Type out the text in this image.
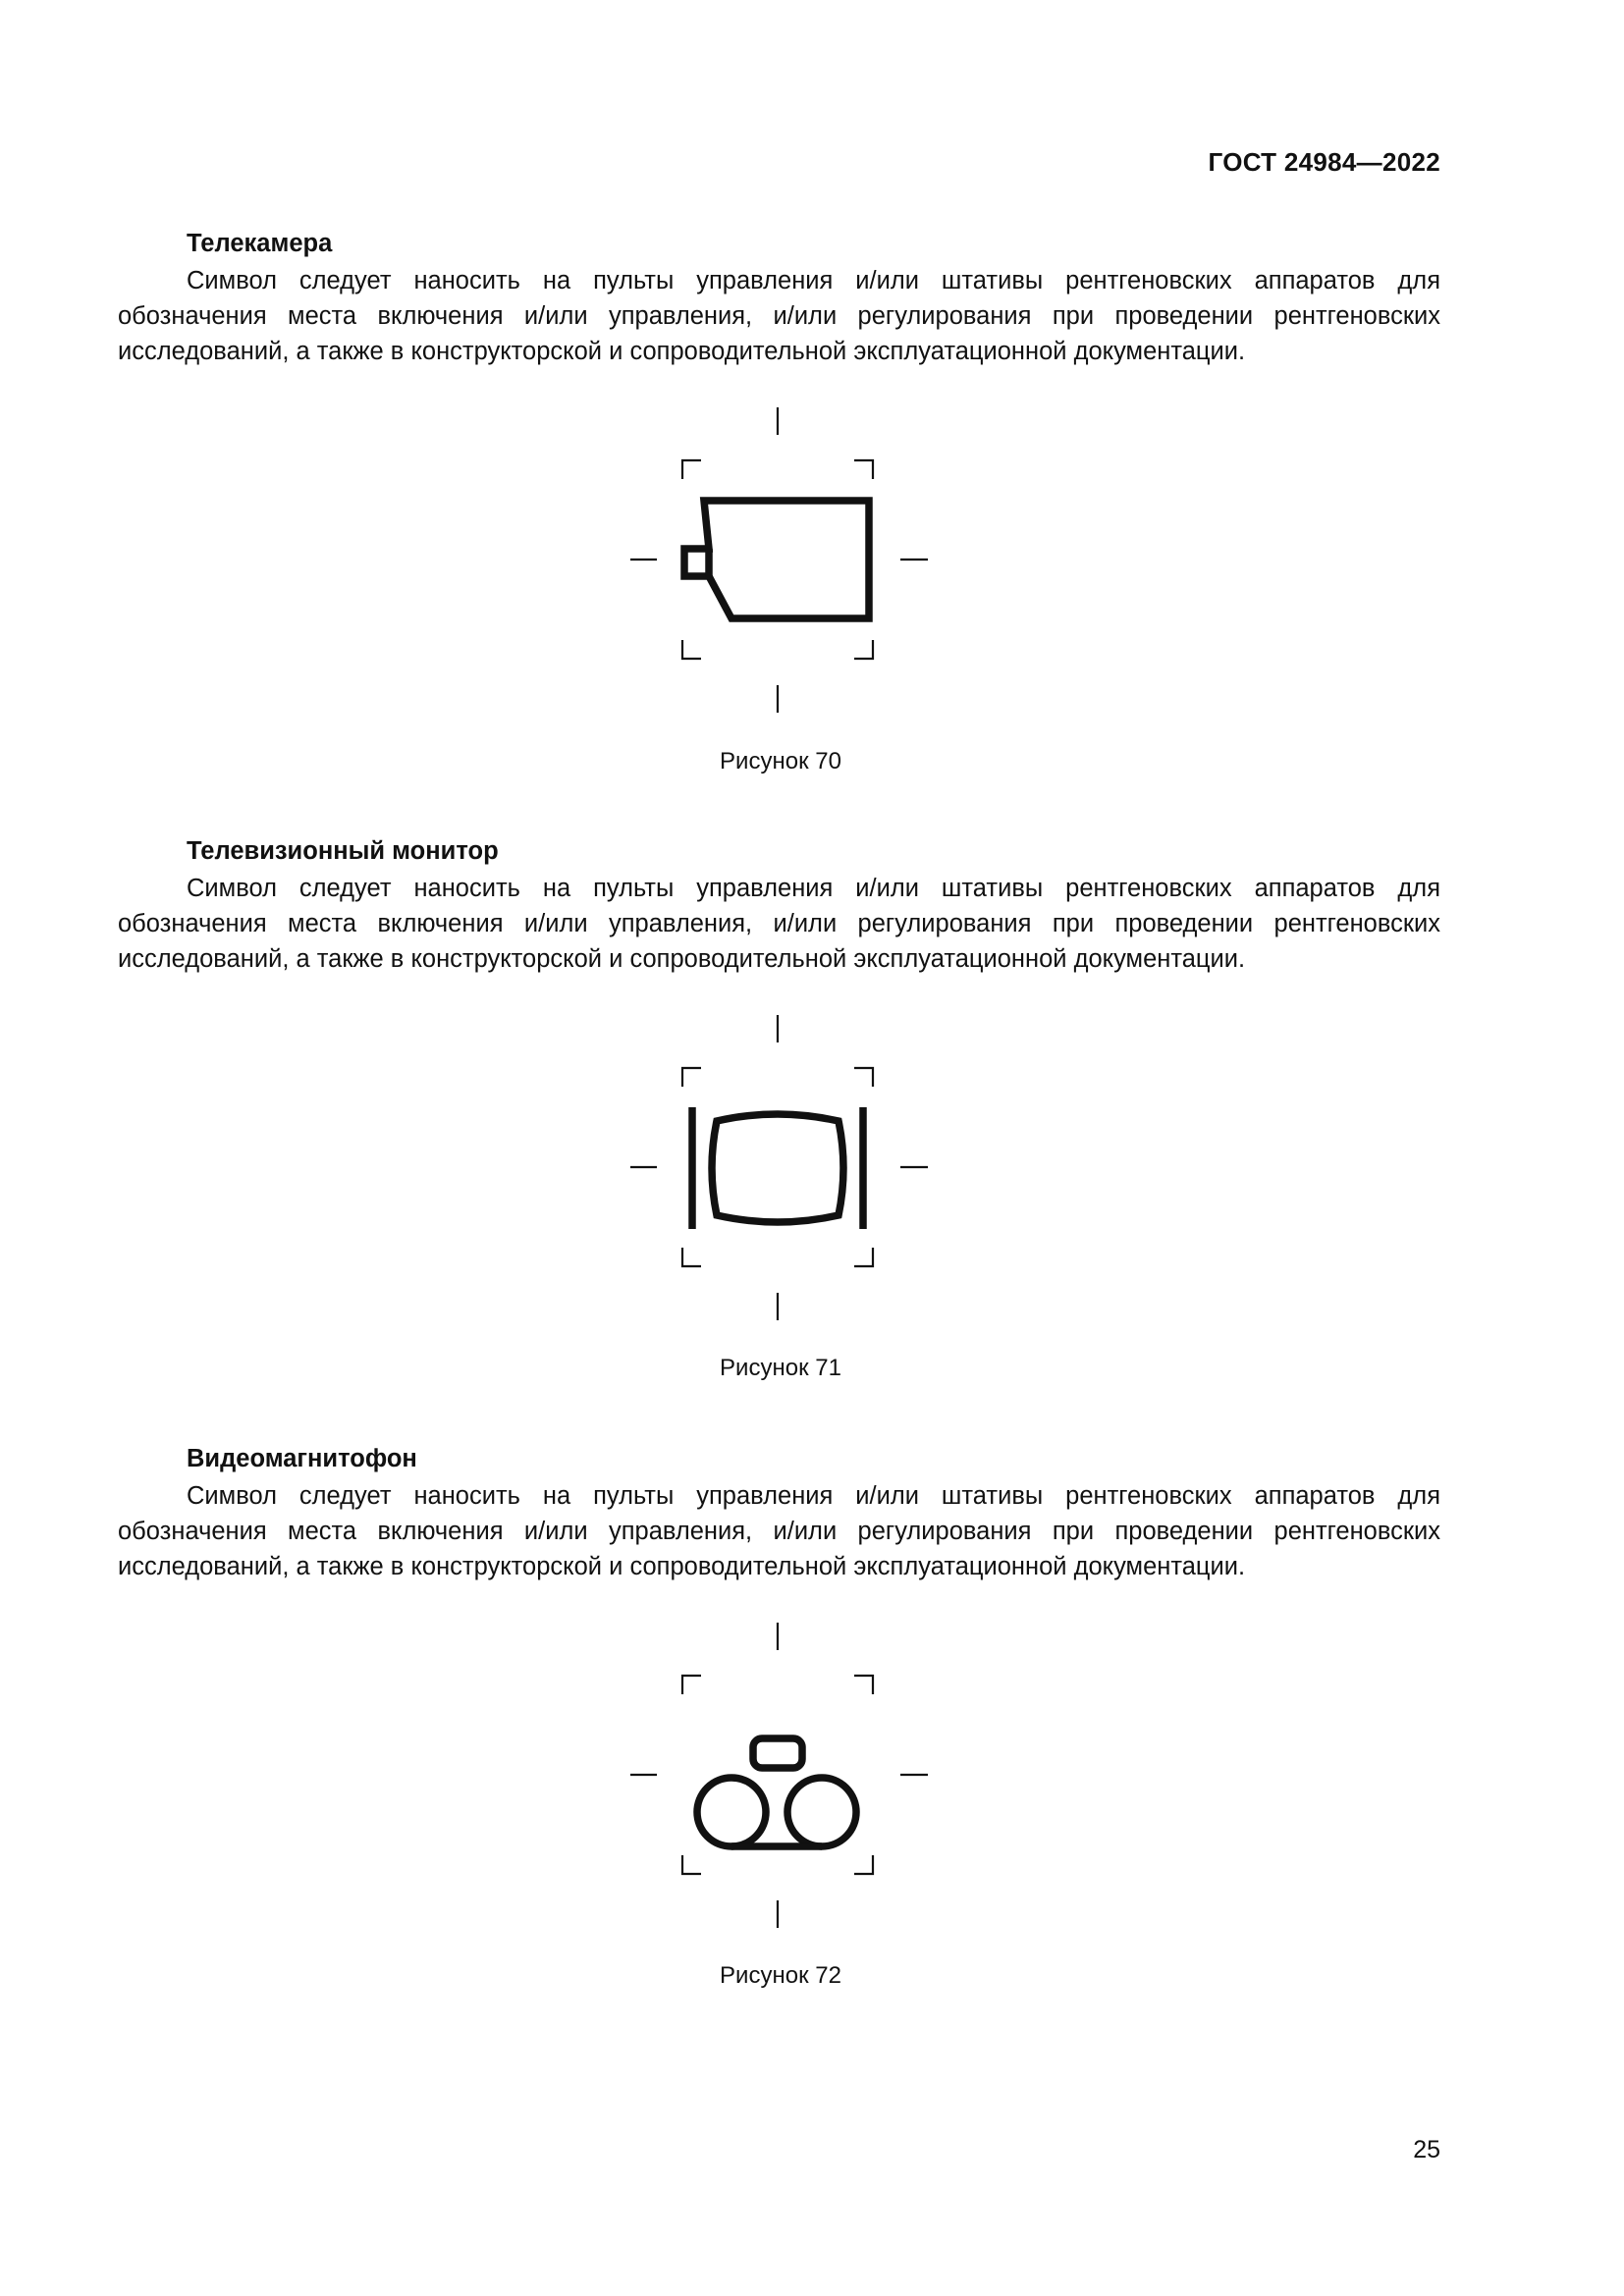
ГОСТ 24984—2022
Телекамера

Символ следует наносить на пульты управления и/или штативы рентгеновских аппаратов для обозначения места включения и/или управления, и/или регулирования при проведении рентгеновских исследований, а также в конструкторской и сопроводительной эксплуатационной документации.

Рисунок 70
Телевизионный монитор

Символ следует наносить на пульты управления и/или штативы рентгеновских аппаратов для обозначения места включения и/или управления, и/или регулирования при проведении рентгеновских исследований, а также в конструкторской и сопроводительной эксплуатационной документации.

Рисунок 71
Видеомагнитофон

Символ следует наносить на пульты управления и/или штативы рентгеновских аппаратов для обозначения места включения и/или управления, и/или регулирования при проведении рентгеновских исследований, а также в конструкторской и сопроводительной эксплуатационной документации.

Рисунок 72
25
